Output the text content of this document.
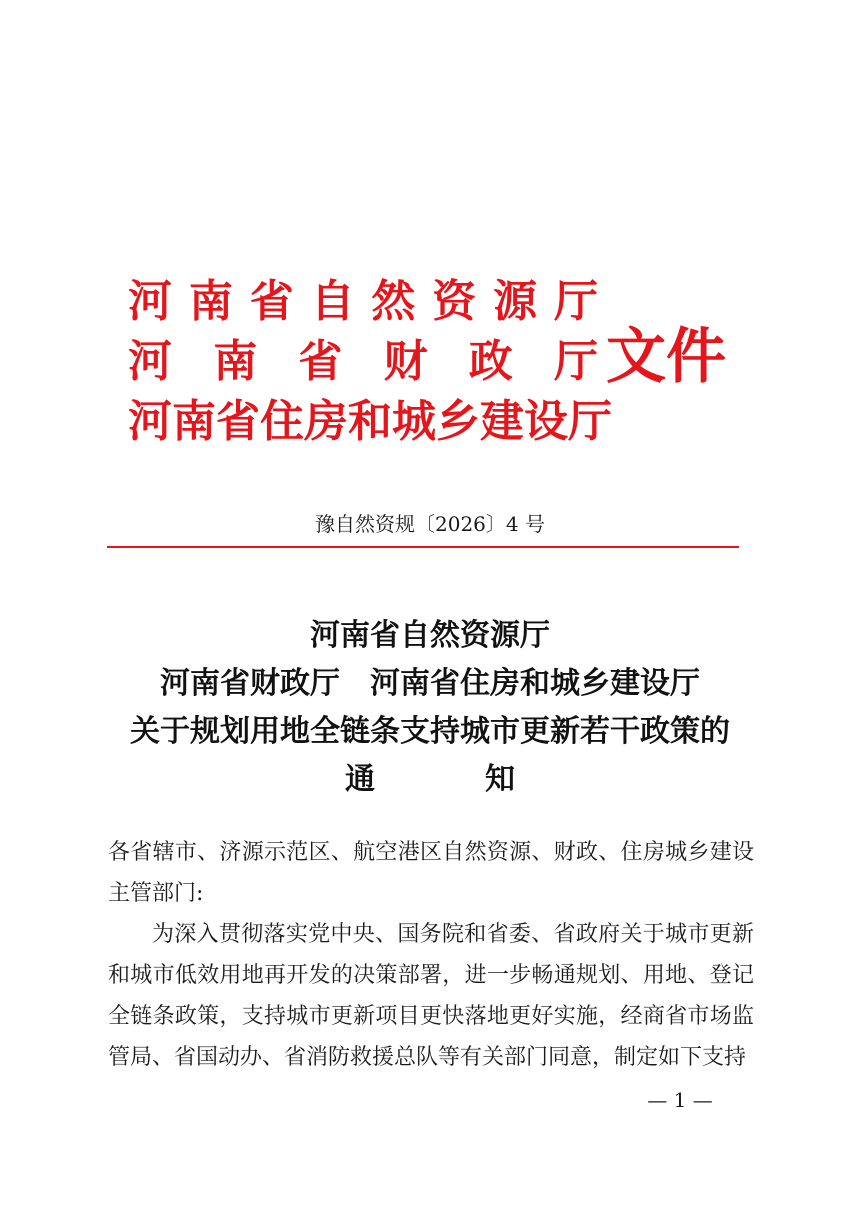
河南省自然资源厅
河南省财政厅
河南省住房和城乡建设厅
文件
豫自然资规〔2026〕4 号
河南省自然资源厅
河南省财政厅　河南省住房和城乡建设厅
关于规划用地全链条支持城市更新若干政策的
通知

各省辖市、济源示范区、航空港区自然资源、财政、住房城乡建设主管部门:

为深入贯彻落实党中央、国务院和省委、省政府关于城市更新和城市低效用地再开发的决策部署，进一步畅通规划、用地、登记全链条政策，支持城市更新项目更快落地更好实施，经商省市场监管局、省国动办、省消防救援总队等有关部门同意，制定如下支持

— 1 —
